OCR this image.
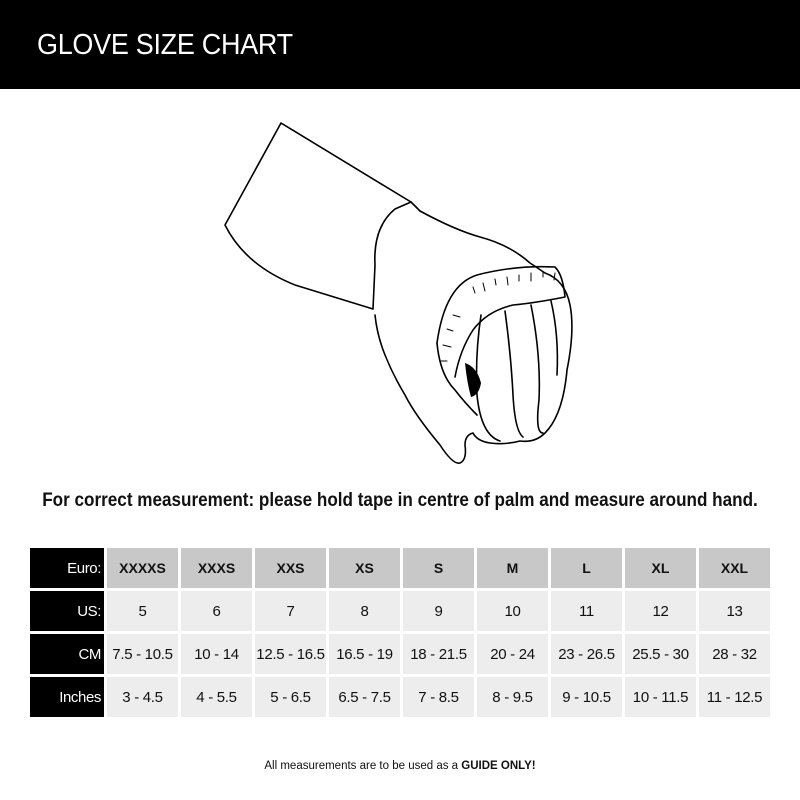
GLOVE SIZE CHART
For correct measurement: please hold tape in centre of palm and measure around hand.
Euro:	XXXXS	XXXS	XXS	XS	S	M	L	XL	XXL
US:	5	6	7	8	9	10	11	12	13
CM	7.5 - 10.5	10 - 14	12.5 - 16.5	16.5 - 19	18 - 21.5	20 - 24	23 - 26.5	25.5 - 30	28 - 32
Inches	3 - 4.5	4 - 5.5	5 - 6.5	6.5 - 7.5	7 - 8.5	8 - 9.5	9 - 10.5	10 - 11.5	11 - 12.5
All measurements are to be used as a GUIDE ONLY!
